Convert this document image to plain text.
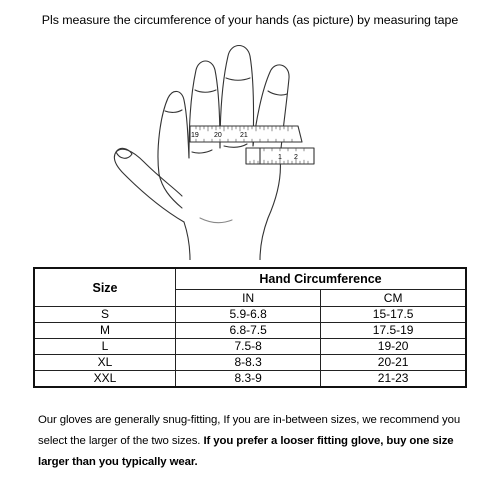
Pls measure the circumference of your hands (as picture) by measuring tape
19 20	21
1 2
Size	Hand Circumference	
	IN	CM
S	5.9-6.8	15-17.5
M	6.8-7.5	17.5-19
L	7.5-8	19-20
XL	8-8.3	20-21
XXL	8.3-9	21-23
Our gloves are generally snug-fitting, If you are in-between sizes, we recommend you select the larger of the two sizes. If you prefer a looser fitting glove, buy one size larger than you typically wear.
